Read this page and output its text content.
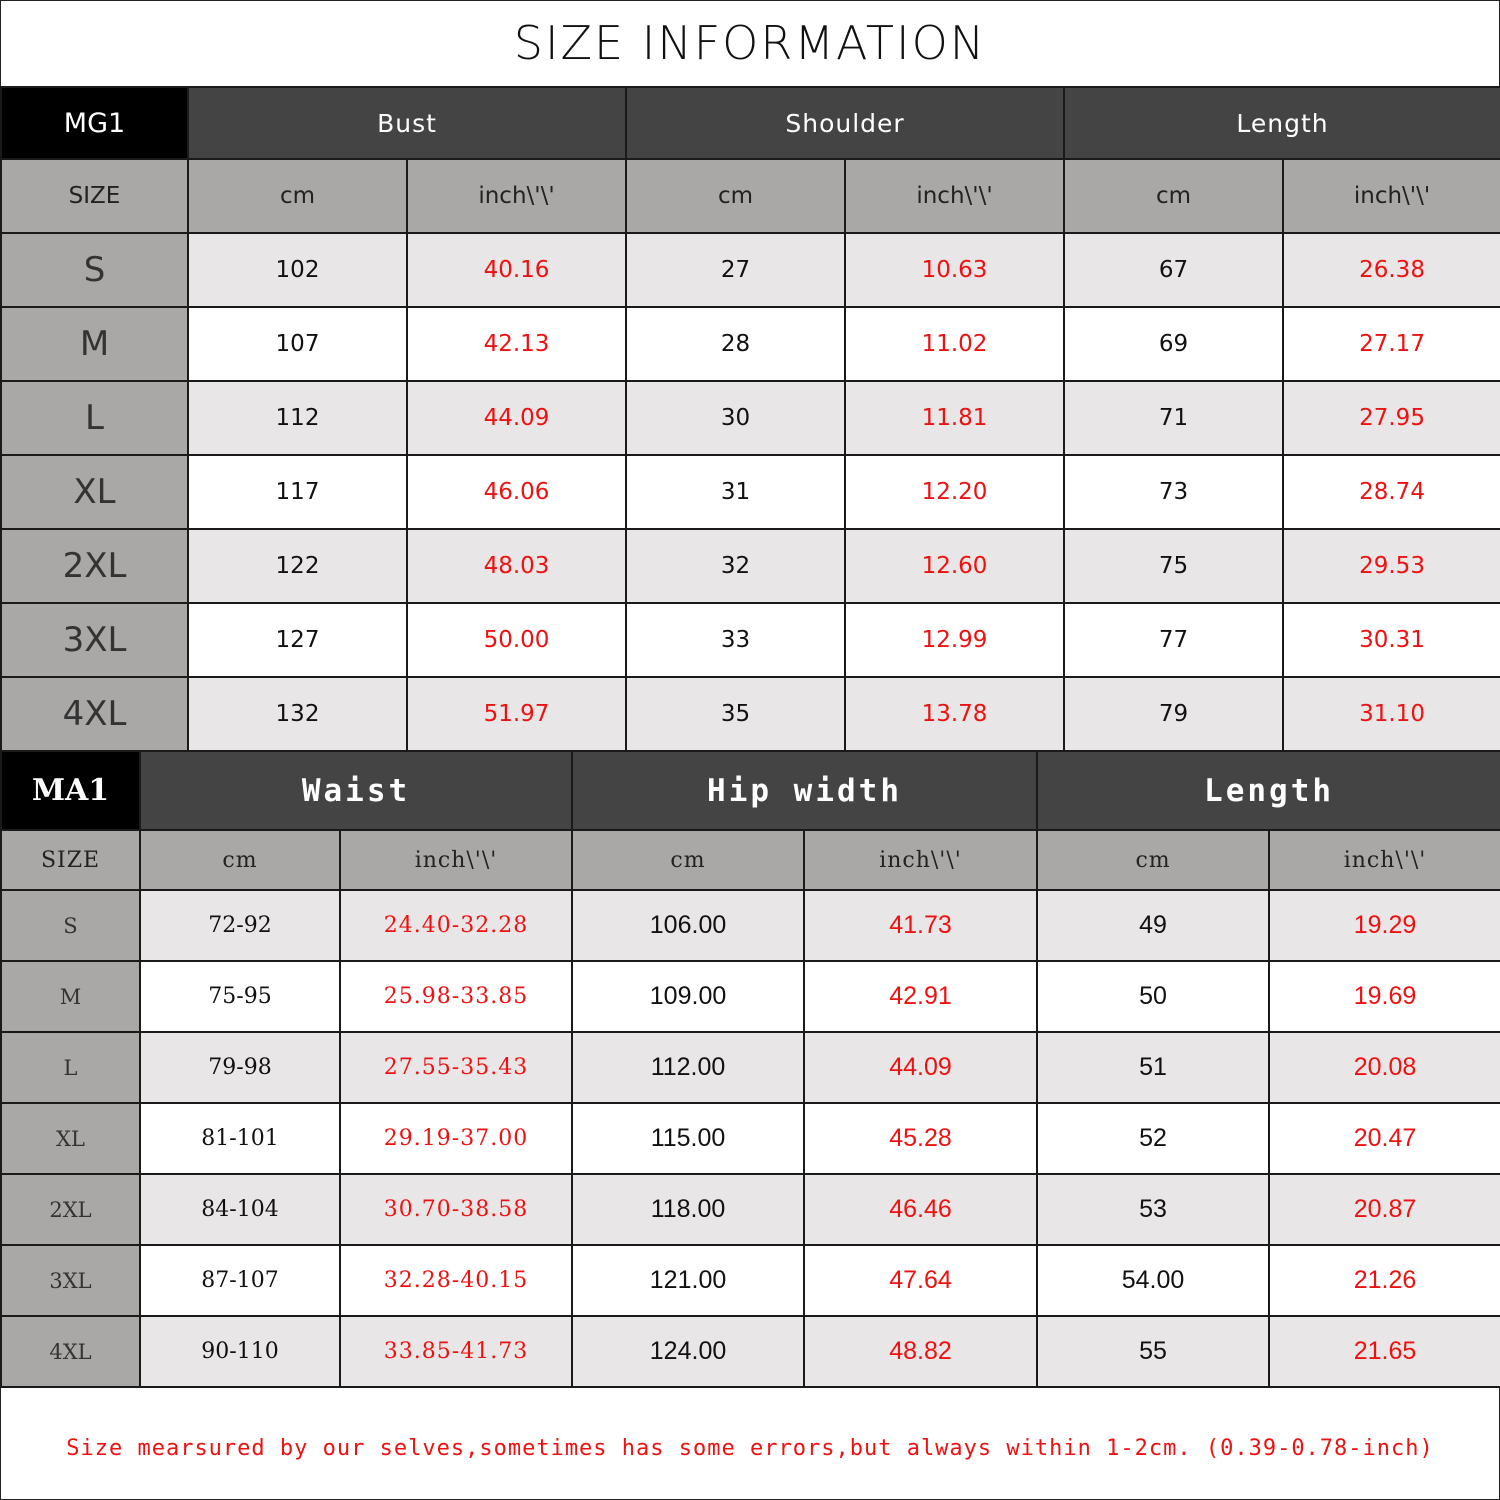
SIZE INFORMATION
MG1	Bust		Shoulder		Length	
SIZE	cm	inch\'\'	cm	inch\'\'	cm	inch\'\'
S	102	40.16	27	10.63	67	26.38
M	107	42.13	28	11.02	69	27.17
L	112	44.09	30	11.81	71	27.95
XL	117	46.06	31	12.20	73	28.74
2XL	122	48.03	32	12.60	75	29.53
3XL	127	50.00	33	12.99	77	30.31
4XL	132	51.97	35	13.78	79	31.10
MA1	Waist		Hip width		Length	
SIZE	cm	inch\'\'	cm	inch\'\'	cm	inch\'\'
S	72-92	24.40-32.28	106.00	41.73	49	19.29
M	75-95	25.98-33.85	109.00	42.91	50	19.69
L	79-98	27.55-35.43	112.00	44.09	51	20.08
XL	81-101	29.19-37.00	115.00	45.28	52	20.47
2XL	84-104	30.70-38.58	118.00	46.46	53	20.87
3XL	87-107	32.28-40.15	121.00	47.64	54.00	21.26
4XL	90-110	33.85-41.73	124.00	48.82	55	21.65
Size mearsured by our selves,sometimes has some errors,but always within 1-2cm. (0.39-0.78-inch)
